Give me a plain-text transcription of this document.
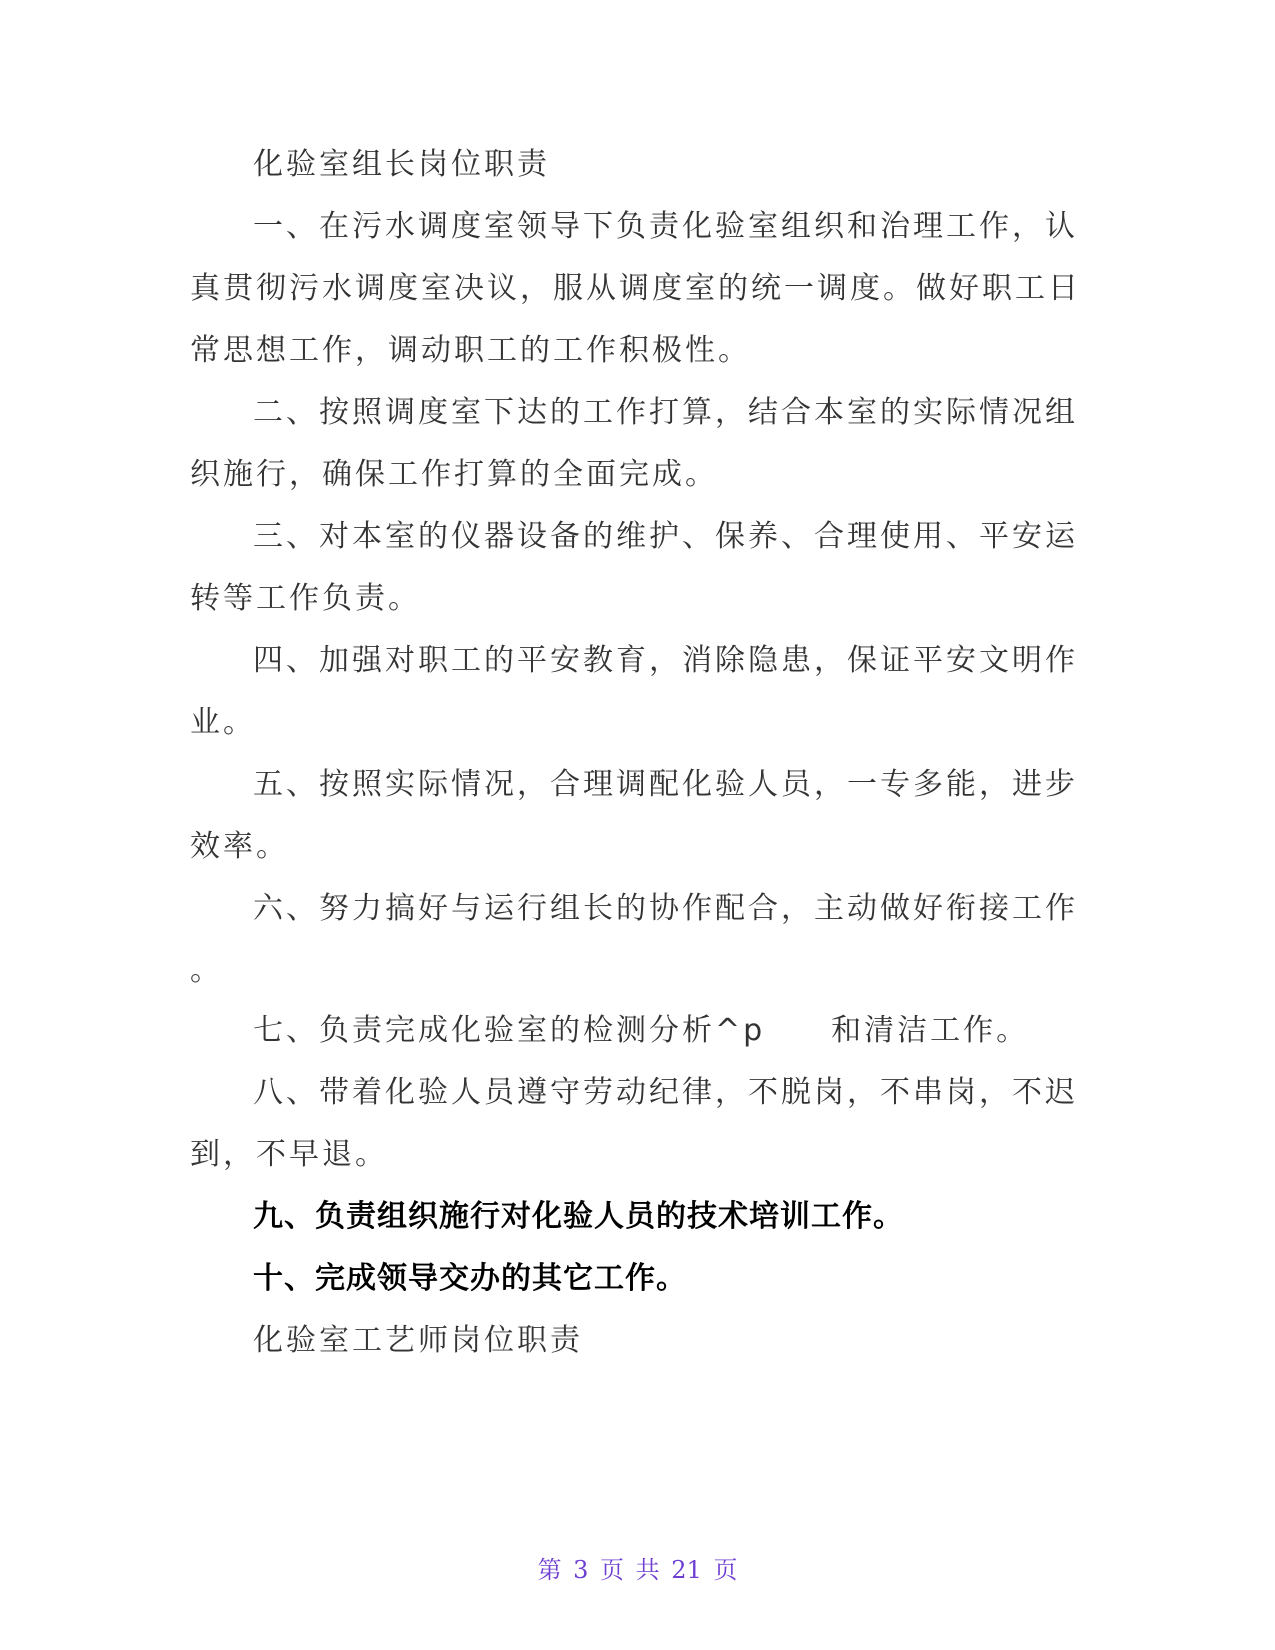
化验室组长岗位职责
一、在污水调度室领导下负责化验室组织和治理工作，认
真贯彻污水调度室决议，服从调度室的统一调度。做好职工日
常思想工作，调动职工的工作积极性。
二、按照调度室下达的工作打算，结合本室的实际情况组
织施行，确保工作打算的全面完成。
三、对本室的仪器设备的维护、保养、合理使用、平安运
转等工作负责。
四、加强对职工的平安教育，消除隐患，保证平安文明作
业。
五、按照实际情况，合理调配化验人员，一专多能，进步
效率。
六、努力搞好与运行组长的协作配合，主动做好衔接工作
。
七、负责完成化验室的检测分析^p　　和清洁工作。
八、带着化验人员遵守劳动纪律，不脱岗，不串岗，不迟
到，不早退。
九、负责组织施行对化验人员的技术培训工作。
十、完成领导交办的其它工作。
化验室工艺师岗位职责
第 3 页 共 21 页
